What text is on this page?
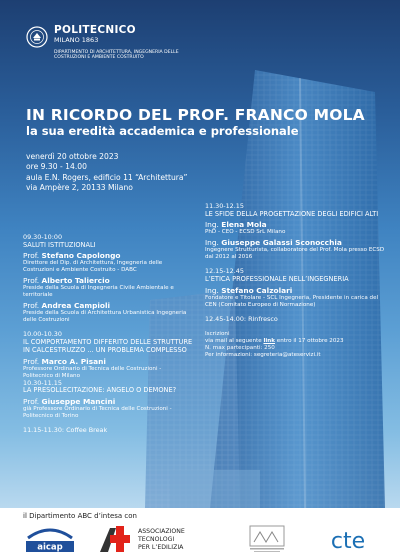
POLITECNICO
MILANO 1863
DIPARTIMENTO DI ARCHITETTURA, INGEGNERIA DELLE COSTRUZIONI E AMBIENTE COSTRUITO
IN RICORDO DEL PROF. FRANCO MOLA
la sua eredità accademica e professionale
venerdì 20 ottobre 2023
ore 9.30 - 14.00
aula E.N. Rogers, edificio 11 “Architettura”
via Ampère 2, 20133 Milano
09.30-10:00
SALUTI ISTITUZIONALI
Prof. Stefano Capolongo
Direttore del Dip. di Architettura, Ingegneria delle Costruzioni e Ambiente Costruito - DABC
Prof. Alberto Taliercio
Preside della Scuola di Ingegneria Civile Ambientale e territoriale
Prof. Andrea Campioli
Preside della Scuola di Architettura Urbanistica Ingegneria delle Costruzioni
10.00-10.30
IL COMPORTAMENTO DIFFERITO DELLE STRUTTURE IN CALCESTRUZZO ... UN PROBLEMA COMPLESSO
Prof. Marco A. Pisani
Professore Ordinario di Tecnica delle Costruzioni - Politecnico di Milano
10.30-11.15
LA PRESOLLECITAZIONE: ANGELO O DEMONE?
Prof. Giuseppe Mancini
già Professore Ordinario di Tecnica delle Costruzioni - Politecnico di Torino
11.15-11.30: Coffee Break
11.30-12.15
LE SFIDE DELLA PROGETTAZIONE DEGLI EDIFICI ALTI
Ing. Elena Mola
PhD - CEO - ECSD SrL Milano
Ing. Giuseppe Galassi Sconocchia
Ingegnere Strutturista, collaboratore del Prof. Mola presso ECSD dal 2012 al 2016
12.15-12.45
L’ETICA PROFESSIONALE NELL’INGEGNERIA
Ing. Stefano Calzolari
Fondatore e Titolare - SCL Ingegneria, Presidente in carica del CEN (Comitato Europeo di Normazione)
12.45-14.00: Rinfresco
Iscrizioni
via mail al seguente link entro il 17 ottobre 2023
N. max partecipanti: 250
Per informazioni: segreteria@ateservizi.it
il Dipartimento ABC d’intesa con
aicap
ASSOCIAZIONE
TECNOLOGI
PER L’EDILIZIA	cte
